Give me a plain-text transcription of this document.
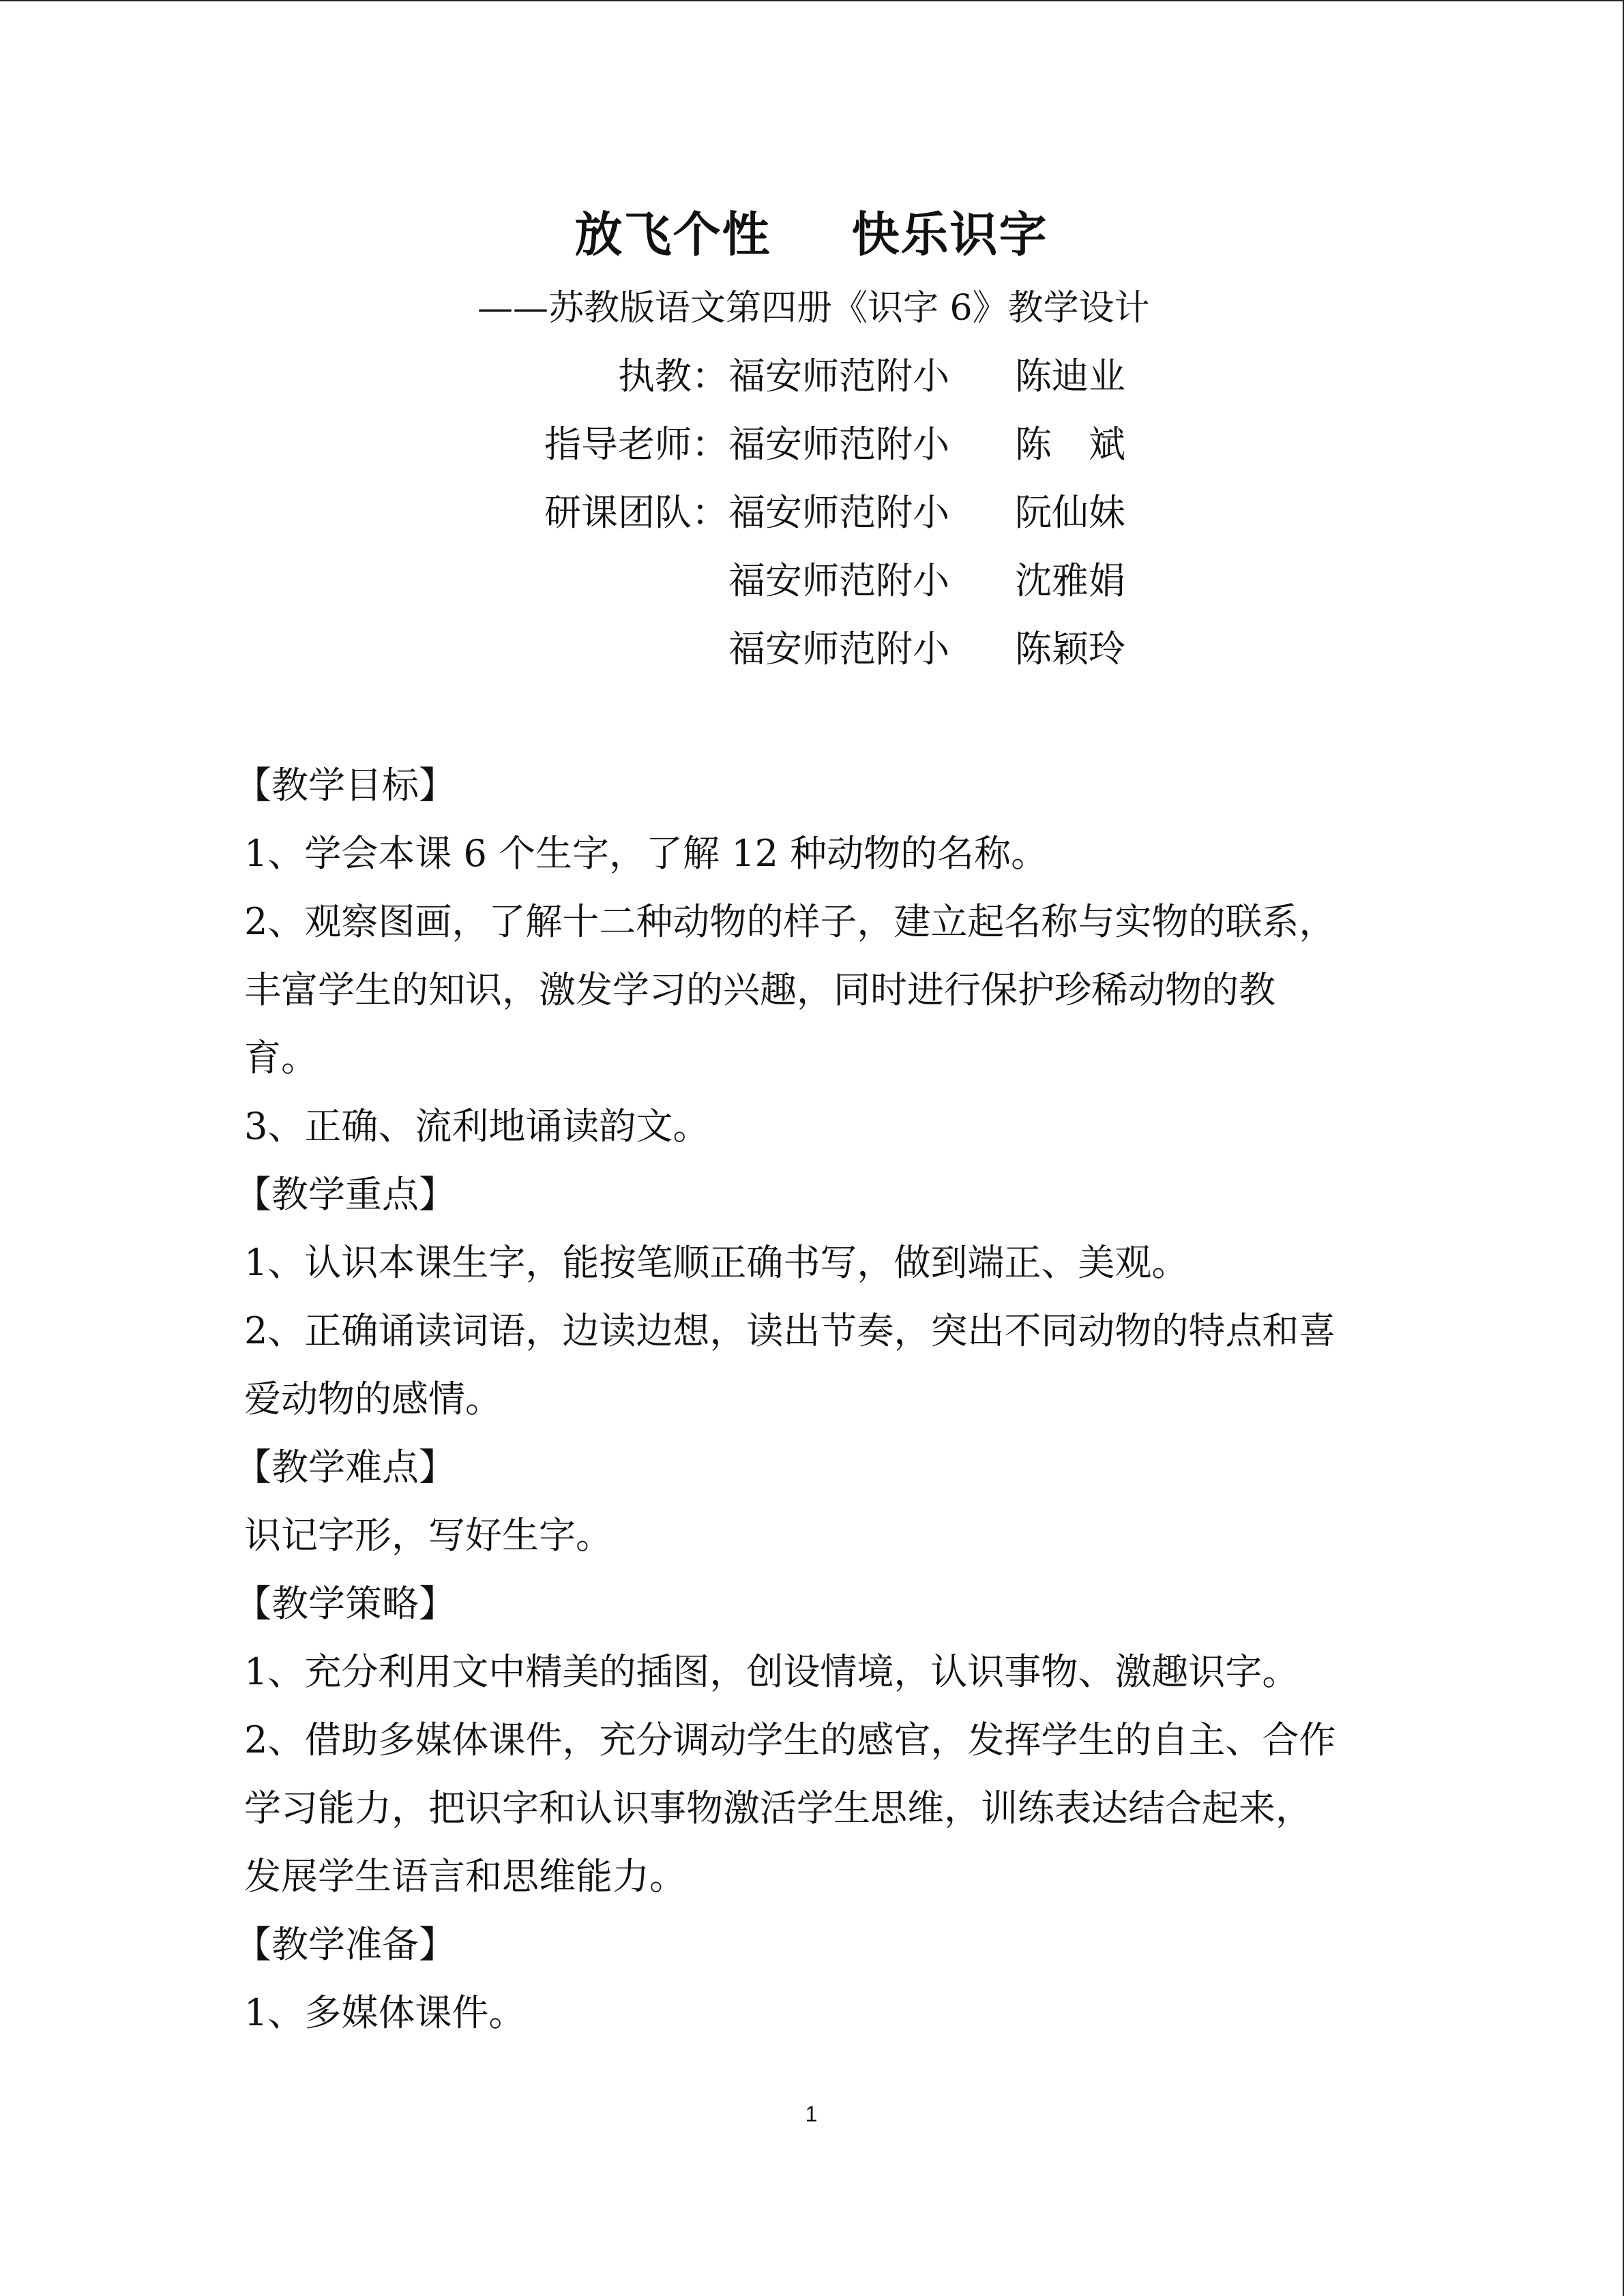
放飞个性 快乐识字
——苏教版语文第四册《识字 6》教学设计
执教： 福安师范附小 陈迪业
指导老师： 福安师范附小 陈　斌
研课团队： 福安师范附小 阮仙妹
福安师范附小 沈雅娟
福安师范附小 陈颖玲
【教学目标】
1、学会本课 6 个生字，了解 12 种动物的名称。
2、观察图画，了解十二种动物的样子，建立起名称与实物的联系，
丰富学生的知识，激发学习的兴趣，同时进行保护珍稀动物的教
育。
3、正确、流利地诵读韵文。
【教学重点】
1、认识本课生字，能按笔顺正确书写，做到端正、美观。
2、正确诵读词语，边读边想，读出节奏，突出不同动物的特点和喜
爱动物的感情。
【教学难点】
识记字形，写好生字。
【教学策略】
1、充分利用文中精美的插图，创设情境，认识事物、激趣识字。
2、借助多媒体课件，充分调动学生的感官，发挥学生的自主、合作
学习能力，把识字和认识事物激活学生思维，训练表达结合起来，
发展学生语言和思维能力。
【教学准备】
1、多媒体课件。
1
